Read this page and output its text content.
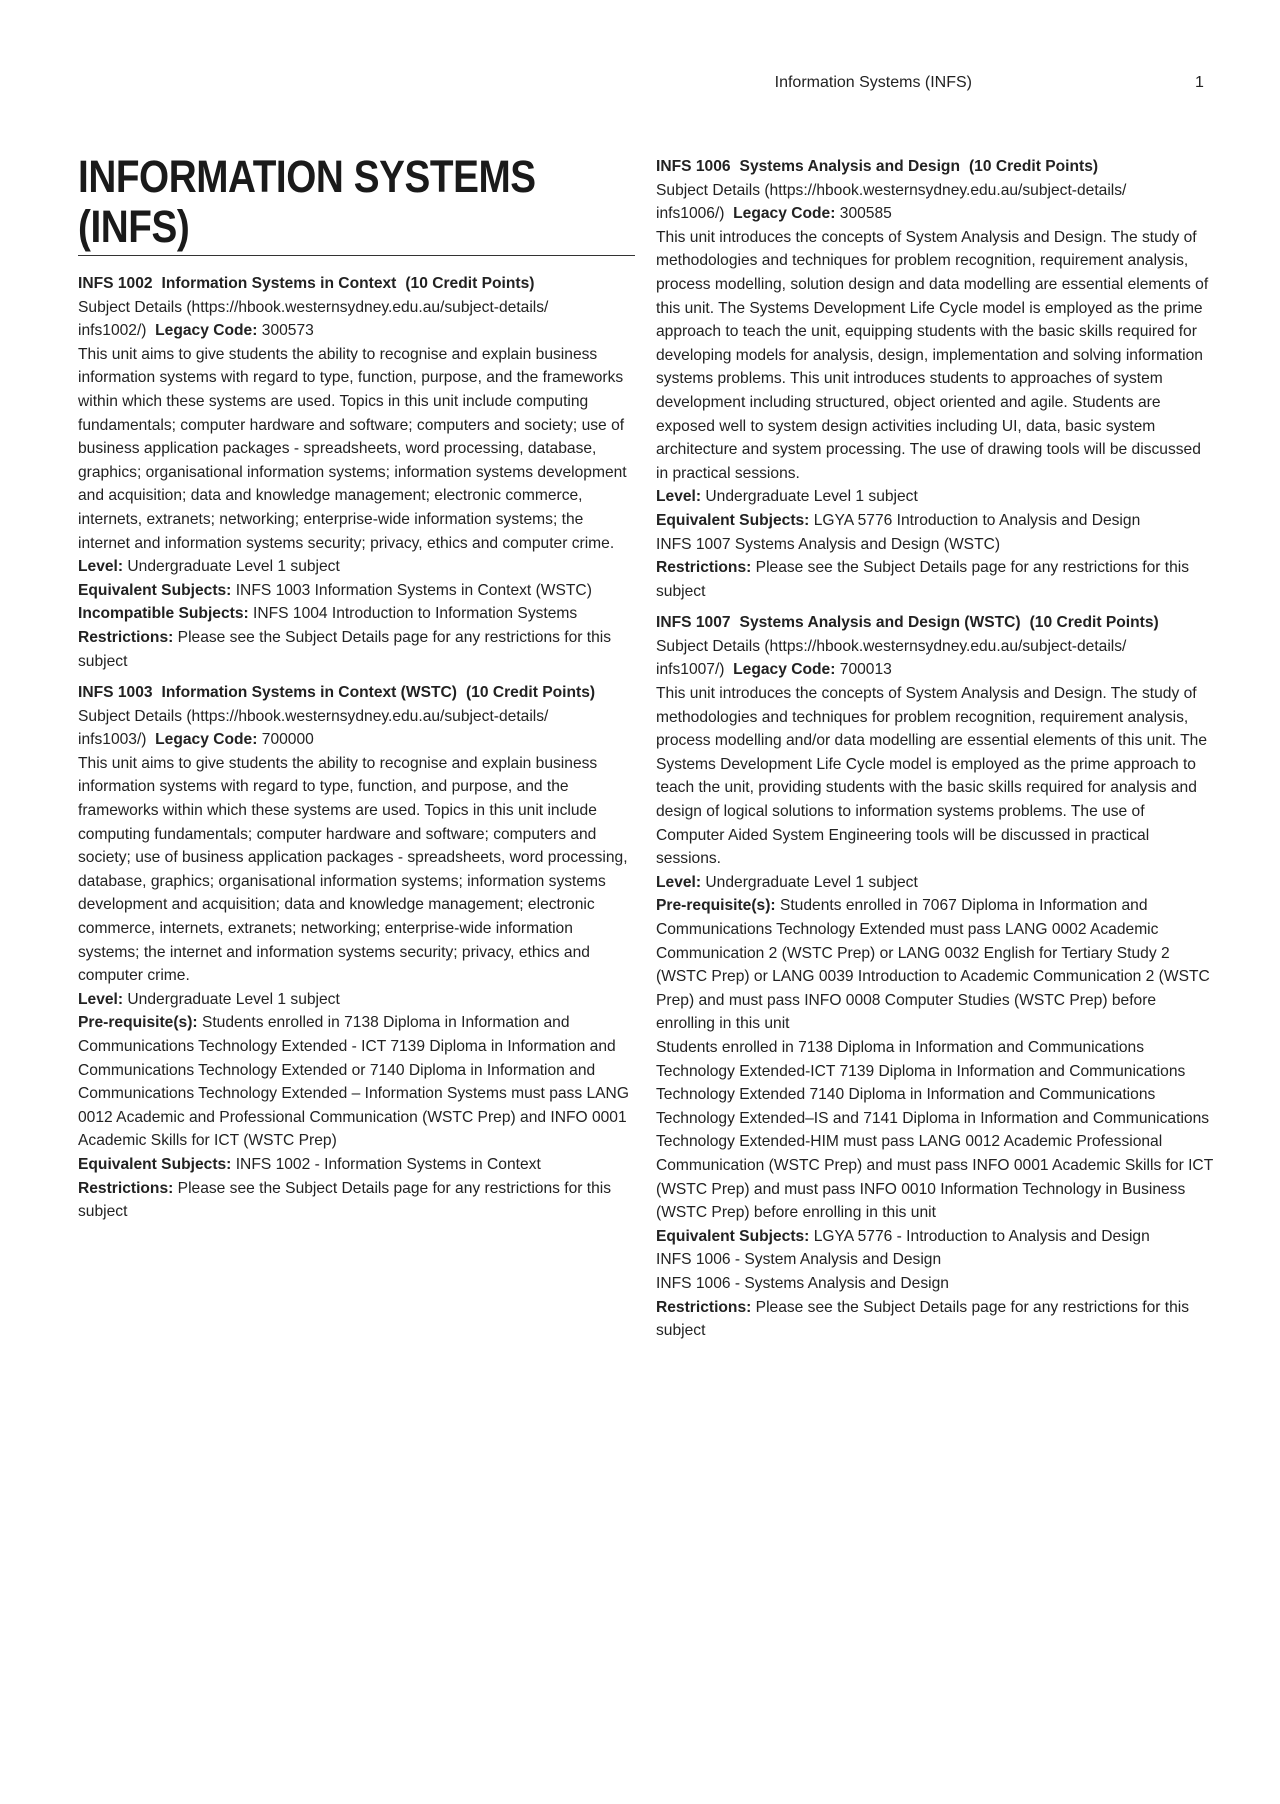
Information Systems (INFS)	1
INFORMATION SYSTEMS (INFS)

INFS 1002 Information Systems in Context (10 Credit Points)

Subject Details (https://hbook.westernsydney.edu.au/subject-details/

infs1002/) Legacy Code: 300573

This unit aims to give students the ability to recognise and explain business information systems with regard to type, function, purpose, and the frameworks within which these systems are used. Topics in this unit include computing fundamentals; computer hardware and software; computers and society; use of business application packages - spreadsheets, word processing, database, graphics; organisational information systems; information systems development and acquisition; data and knowledge management; electronic commerce, internets, extranets; networking; enterprise-wide information systems; the internet and information systems security; privacy, ethics and computer crime.

Level: Undergraduate Level 1 subject

Equivalent Subjects: INFS 1003 Information Systems in Context (WSTC)

Incompatible Subjects: INFS 1004 Introduction to Information Systems

Restrictions: Please see the Subject Details page for any restrictions for this subject

INFS 1003 Information Systems in Context (WSTC) (10 Credit Points)

Subject Details (https://hbook.westernsydney.edu.au/subject-details/

infs1003/) Legacy Code: 700000

This unit aims to give students the ability to recognise and explain business information systems with regard to type, function, and purpose, and the frameworks within which these systems are used. Topics in this unit include computing fundamentals; computer hardware and software; computers and society; use of business application packages - spreadsheets, word processing, database, graphics; organisational information systems; information systems development and acquisition; data and knowledge management; electronic commerce, internets, extranets; networking; enterprise-wide information systems; the internet and information systems security; privacy, ethics and computer crime.

Level: Undergraduate Level 1 subject

Pre-requisite(s): Students enrolled in 7138 Diploma in Information and Communications Technology Extended - ICT 7139 Diploma in Information and Communications Technology Extended or 7140 Diploma in Information and Communications Technology Extended – Information Systems must pass LANG 0012 Academic and Professional Communication (WSTC Prep) and INFO 0001 Academic Skills for ICT (WSTC Prep)

Equivalent Subjects: INFS 1002 - Information Systems in Context

Restrictions: Please see the Subject Details page for any restrictions for this subject

INFS 1006 Systems Analysis and Design (10 Credit Points)

Subject Details (https://hbook.westernsydney.edu.au/subject-details/

infs1006/) Legacy Code: 300585

This unit introduces the concepts of System Analysis and Design. The study of methodologies and techniques for problem recognition, requirement analysis, process modelling, solution design and data modelling are essential elements of this unit. The Systems Development Life Cycle model is employed as the prime approach to teach the unit, equipping students with the basic skills required for developing models for analysis, design, implementation and solving information systems problems. This unit introduces students to approaches of system development including structured, object oriented and agile. Students are exposed well to system design activities including UI, data, basic system architecture and system processing. The use of drawing tools will be discussed in practical sessions.

Level: Undergraduate Level 1 subject

Equivalent Subjects: LGYA 5776 Introduction to Analysis and Design

INFS 1007 Systems Analysis and Design (WSTC)

Restrictions: Please see the Subject Details page for any restrictions for this subject

INFS 1007 Systems Analysis and Design (WSTC) (10 Credit Points)

Subject Details (https://hbook.westernsydney.edu.au/subject-details/

infs1007/) Legacy Code: 700013

This unit introduces the concepts of System Analysis and Design. The study of methodologies and techniques for problem recognition, requirement analysis, process modelling and/or data modelling are essential elements of this unit. The Systems Development Life Cycle model is employed as the prime approach to teach the unit, providing students with the basic skills required for analysis and design of logical solutions to information systems problems. The use of Computer Aided System Engineering tools will be discussed in practical sessions.

Level: Undergraduate Level 1 subject

Pre-requisite(s): Students enrolled in 7067 Diploma in Information and Communications Technology Extended must pass LANG 0002 Academic Communication 2 (WSTC Prep) or LANG 0032 English for Tertiary Study 2 (WSTC Prep) or LANG 0039 Introduction to Academic Communication 2 (WSTC Prep) and must pass INFO 0008 Computer Studies (WSTC Prep) before enrolling in this unit

Students enrolled in 7138 Diploma in Information and Communications Technology Extended-ICT 7139 Diploma in Information and Communications Technology Extended 7140 Diploma in Information and Communications Technology Extended–IS and 7141 Diploma in Information and Communications Technology Extended-HIM must pass LANG 0012 Academic Professional Communication (WSTC Prep) and must pass INFO 0001 Academic Skills for ICT (WSTC Prep) and must pass INFO 0010 Information Technology in Business (WSTC Prep) before enrolling in this unit

Equivalent Subjects: LGYA 5776 - Introduction to Analysis and Design

INFS 1006 - System Analysis and Design

INFS 1006 - Systems Analysis and Design

Restrictions: Please see the Subject Details page for any restrictions for this subject
